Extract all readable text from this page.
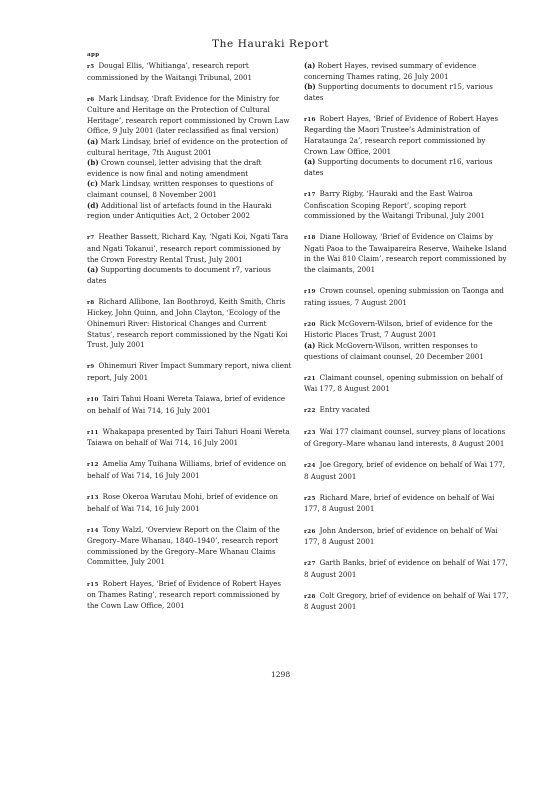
The Hauraki Report
app

r5 Dougal Ellis, ‘Whitianga’, research report commissioned by the Waitangi Tribunal, 2001

r6 Mark Lindsay, ‘Draft Evidence for the Ministry for Culture and Heritage on the Protection of Cultural Heritage’, research report commissioned by Crown Law Office, 9 July 2001 (later reclassified as final version)
(a) Mark Lindsay, brief of evidence on the protection of cultural heritage, 7th August 2001
(b) Crown counsel, letter advising that the draft evidence is now final and noting amendment
(c) Mark Lindsay, written responses to questions of claimant counsel, 8 November 2001
(d) Additional list of artefacts found in the Hauraki region under Antiquities Act, 2 October 2002

r7 Heather Bassett, Richard Kay, ‘Ngati Koi, Ngati Tara and Ngati Tokanui’, research report commissioned by the Crown Forestry Rental Trust, July 2001
(a) Supporting documents to document r7, various dates

r8 Richard Allibone, Ian Boothroyd, Keith Smith, Chris Hickey, John Quinn, and John Clayton, ‘Ecology of the Ohinemuri River: Historical Changes and Current Status’, research report commissioned by the Ngati Koi Trust, July 2001

r9 Ohinemuri River Impact Summary report, niwa client report, July 2001

r10 Tairi Tahui Hoani Wereta Taiawa, brief of evidence on behalf of Wai 714, 16 July 2001

r11 Whakapapa presented by Tairi Tahuri Hoani Wereta Taiawa on behalf of Wai 714, 16 July 2001

r12 Amelia Amy Tuihana Williams, brief of evidence on behalf of Wai 714, 16 July 2001

r13 Rose Okeroa Warutau Mohi, brief of evidence on behalf of Wai 714, 16 July 2001

r14 Tony Walzl, ‘Overview Report on the Claim of the Gregory–Mare Whanau, 1840–1940’, research report commissioned by the Gregory–Mare Whanau Claims Committee, July 2001

r15 Robert Hayes, ‘Brief of Evidence of Robert Hayes on Thames Rating’, research report commissioned by the Cown Law Office, 2001

(a) Robert Hayes, revised summary of evidence concerning Thames rating, 26 July 2001
(b) Supporting documents to document r15, various dates

r16 Robert Hayes, ‘Brief of Evidence of Robert Hayes Regarding the Maori Trustee’s Administration of Harataunga 2a’, research report commissioned by Crown Law Office, 2001
(a) Supporting documents to document r16, various dates

r17 Barry Rigby, ‘Hauraki and the East Wairoa Confiscation Scoping Report’, scoping report commissioned by the Waitangi Tribunal, July 2001

r18 Diane Holloway, ‘Brief of Evidence on Claims by Ngati Paoa to the Tawaipareira Reserve, Waiheke Island in the Wai 810 Claim’, research report commissioned by the claimants, 2001

r19 Crown counsel, opening submission on Taonga and rating issues, 7 August 2001

r20 Rick McGovern-Wilson, brief of evidence for the Historic Places Trust, 7 August 2001
(a) Rick McGovern-Wilson, written responses to questions of claimant counsel, 20 December 2001

r21 Claimant counsel, opening submission on behalf of Wai 177, 8 August 2001

r22 Entry vacated

r23 Wai 177 claimant counsel, survey plans of locations of Gregory–Mare whanau land interests, 8 August 2001

r24 Joe Gregory, brief of evidence on behalf of Wai 177, 8 August 2001

r25 Richard Mare, brief of evidence on behalf of Wai 177, 8 August 2001

r26 John Anderson, brief of evidence on behalf of Wai 177, 8 August 2001

r27 Garth Banks, brief of evidence on behalf of Wai 177, 8 August 2001

r28 Colt Gregory, brief of evidence on behalf of Wai 177, 8 August 2001

1298
